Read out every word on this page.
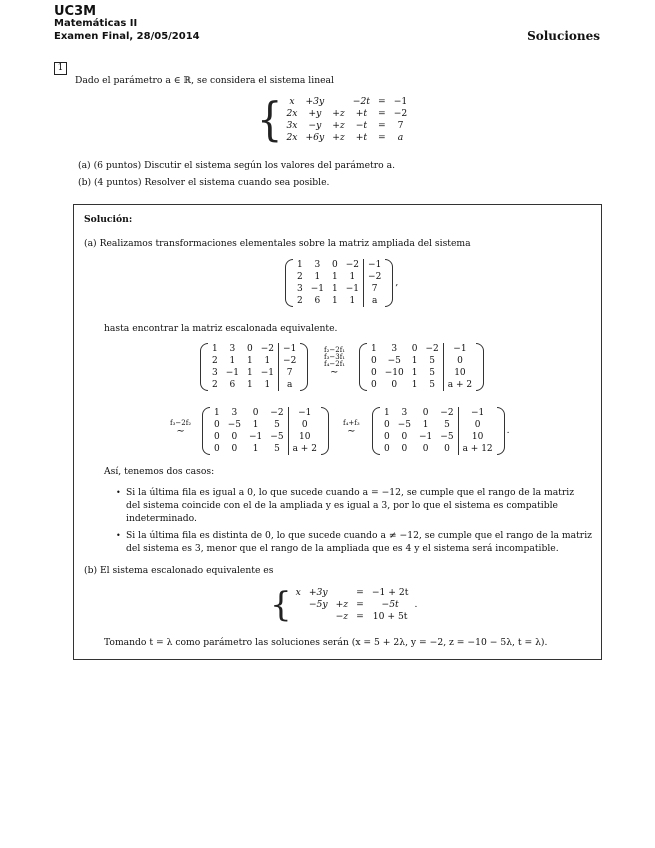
UC3M
Matemáticas II
Examen Final, 28/05/2014	Soluciones
1
Dado el parámetro a ∈ ℝ, se considera el sistema lineal
{ x	+3y		−2t	=	−1
2x	+y	+z	+t	=	−2
3x	−y	+z	−t	=	7
2x	+6y	+z	+t	=	a
(a) (6 puntos) Discutir el sistema según los valores del parámetro a.
(b) (4 puntos) Resolver el sistema cuando sea posible.
Solución:
(a) Realizamos transformaciones elementales sobre la matriz ampliada del sistema
1	3	0	−2	−1
2	1	1	1	−2
3	−1	1	−1	7
2	6	1	1	a
,
hasta encontrar la matriz escalonada equivalente.
1	3	0	−2	−1
2	1	1	1	−2
3	−1	1	−1	7
2	6	1	1	a
f₂−2f₁
f₃−3f₁
f₄−2f₁
∼
1	3	0	−2	−1
0	−5	1	5	0
0	−10	1	5	10
0	0	1	5	a + 2
f₃−2f₂
∼
1	3	0	−2	−1
0	−5	1	5	0
0	0	−1	−5	10
0	0	1	5	a + 2
f₄+f₃
∼
1	3	0	−2	−1
0	−5	1	5	0
0	0	−1	−5	10
0	0	0	0	a + 12
.
Así, tenemos dos casos:
• Si la última fila es igual a 0, lo que sucede cuando a = −12, se cumple que el rango de la matriz
del sistema coincide con el de la ampliada y es igual a 3, por lo que el sistema es compatible
indeterminado.
• Si la última fila es distinta de 0, lo que sucede cuando a ≠ −12, se cumple que el rango de la matriz
del sistema es 3, menor que el rango de la ampliada que es 4 y el sistema será incompatible.
(b) El sistema escalonado equivalente es
{ x	+3y		=	−1 + 2t
	−5y	+z	=	−5t
		−z	=	10 + 5t
.
Tomando t = λ como parámetro las soluciones serán (x = 5 + 2λ, y = −2, z = −10 − 5λ, t = λ).
